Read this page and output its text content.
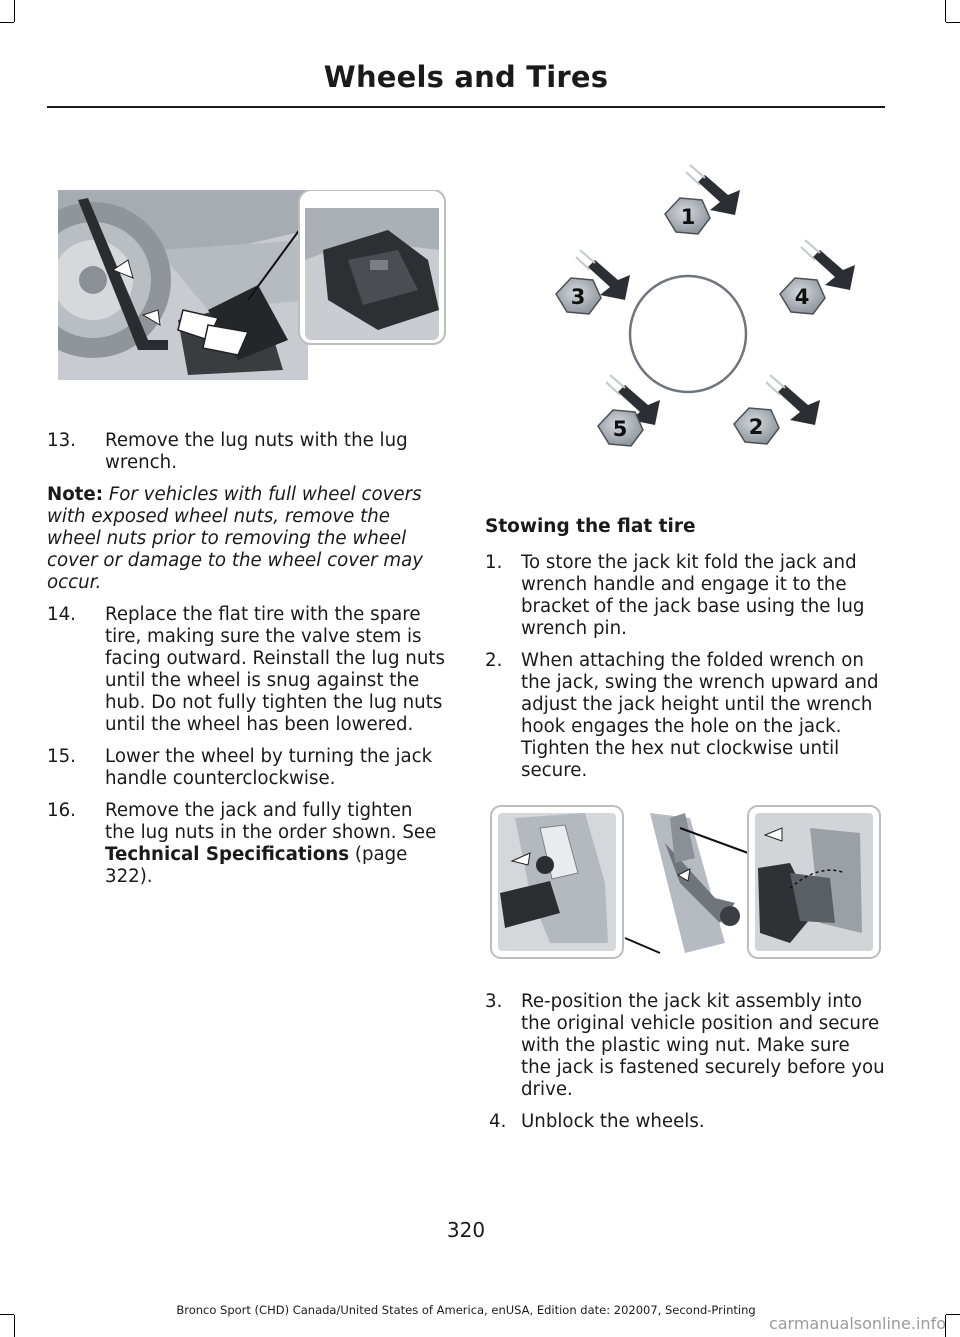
Wheels and Tires
1
2
3	4
5
13. Remove the lug nuts with the lug wrench.
Note: For vehicles with full wheel covers with exposed wheel nuts, remove the wheel nuts prior to removing the wheel cover or damage to the wheel cover may occur.
14. Replace the flat tire with the spare tire, making sure the valve stem is facing outward. Reinstall the lug nuts until the wheel is snug against the hub. Do not fully tighten the lug nuts until the wheel has been lowered.
15. Lower the wheel by turning the jack handle counterclockwise.
16. Remove the jack and fully tighten the lug nuts in the order shown. See Technical Specifications (page 322).
Stowing the flat tire
1. To store the jack kit fold the jack and wrench handle and engage it to the bracket of the jack base using the lug wrench pin.
2. When attaching the folded wrench on the jack, swing the wrench upward and adjust the jack height until the wrench hook engages the hole on the jack. Tighten the hex nut clockwise until secure.
3. Re-position the jack kit assembly into the original vehicle position and secure with the plastic wing nut. Make sure the jack is fastened securely before you drive.
4. Unblock the wheels.
320
Bronco Sport (CHD) Canada/United States of America, enUSA, Edition date: 202007, Second-Printing
carmanualsonline.info
